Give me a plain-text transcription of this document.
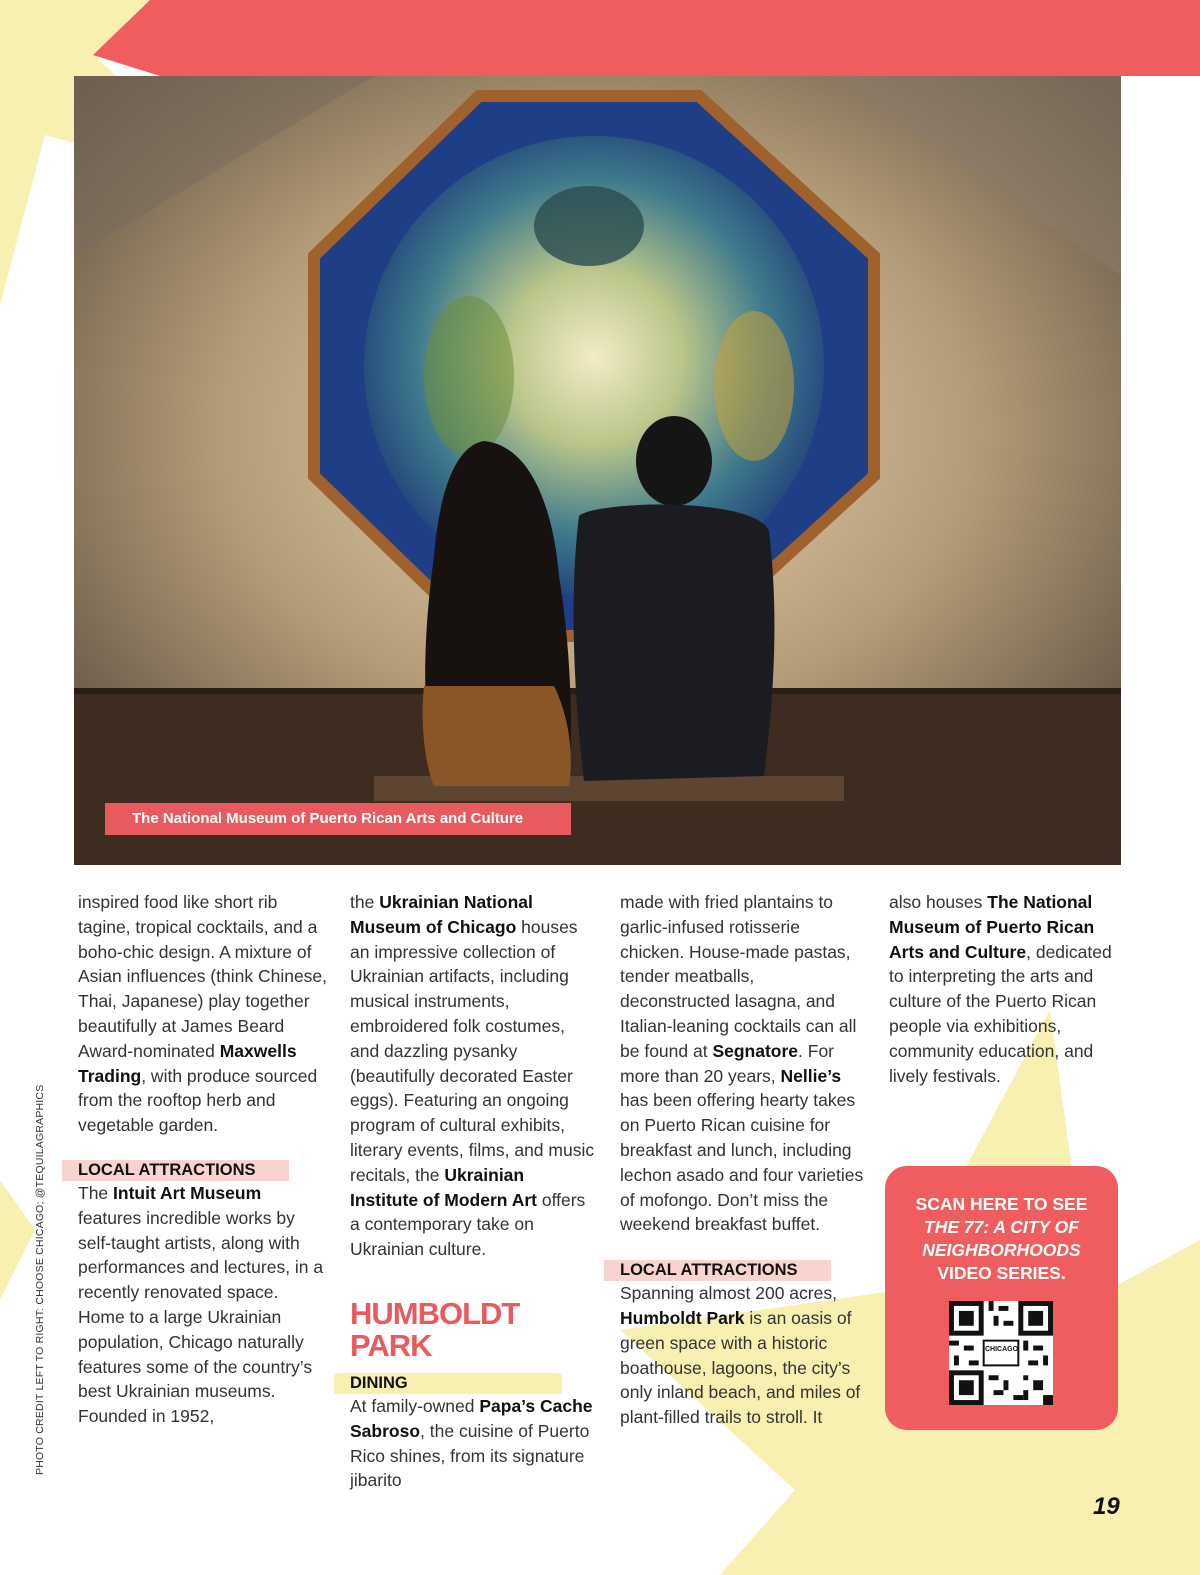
The National Museum of Puerto Rican Arts and Culture

inspired food like short rib tagine, tropical cocktails, and a boho-chic design. A mixture of Asian influences (think Chinese, Thai, Japanese) play together beautifully at James Beard Award-nominated Maxwells Trading, with produce sourced from the rooftop herb and vegetable garden.

LOCAL ATTRACTIONS

The Intuit Art Museum features incredible works by self-taught artists, along with performances and lectures, in a recently renovated space. Home to a large Ukrainian population, Chicago naturally features some of the country’s best Ukrainian museums. Founded in 1952,

the Ukrainian National Museum of Chicago houses an impressive collection of Ukrainian artifacts, including musical instruments, embroidered folk costumes, and dazzling pysanky (beautifully decorated Easter eggs). Featuring an ongoing program of cultural exhibits, literary events, films, and music recitals, the Ukrainian Institute of Modern Art offers a contemporary take on Ukrainian culture.

HUMBOLDT PARK
DINING

At family-owned Papa’s Cache Sabroso, the cuisine of Puerto Rico shines, from its signature jibarito

made with fried plantains to garlic-infused rotisserie chicken. House-made pastas, tender meatballs, deconstructed lasagna, and Italian-leaning cocktails can all be found at Segnatore. For more than 20 years, Nellie’s has been offering hearty takes on Puerto Rican cuisine for breakfast and lunch, including lechon asado and four varieties of mofongo. Don’t miss the weekend breakfast buffet.

LOCAL ATTRACTIONS

Spanning almost 200 acres, Humboldt Park is an oasis of green space with a historic boathouse, lagoons, the city’s only inland beach, and miles of plant-filled trails to stroll. It

also houses The National Museum of Puerto Rican Arts and Culture, dedicated to interpreting the arts and culture of the Puerto Rican people via exhibitions, community education, and lively festivals.

SCAN HERE TO SEE
THE 77: A CITY OF NEIGHBORHOODS
VIDEO SERIES.
CHICAGO
PHOTO CREDIT LEFT TO RIGHT: CHOOSE CHICAGO; @TEQUILAGRAPHICS
19
